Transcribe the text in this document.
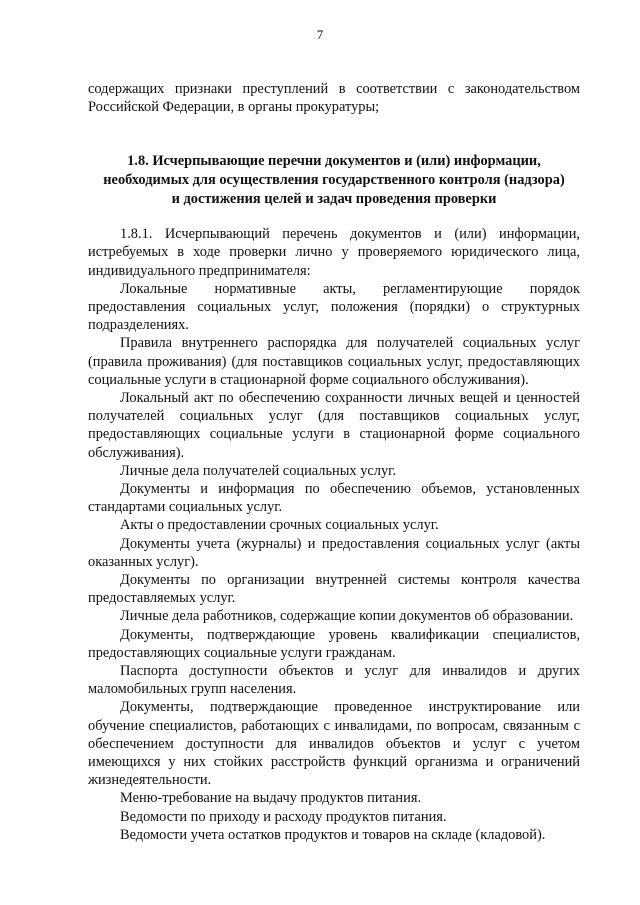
7

содержащих признаки преступлений в соответствии с законодательством Российской Федерации, в органы прокуратуры;

1.8. Исчерпывающие перечни документов и (или) информации,
необходимых для осуществления государственного контроля (надзора)
и достижения целей и задач проведения проверки

1.8.1. Исчерпывающий перечень документов и (или) информации, истребуемых в ходе проверки лично у проверяемого юридического лица, индивидуального предпринимателя:

Локальные нормативные акты, регламентирующие порядок предоставления социальных услуг, положения (порядки) о структурных подразделениях.

Правила внутреннего распорядка для получателей социальных услуг (правила проживания) (для поставщиков социальных услуг, предоставляющих социальные услуги в стационарной форме социального обслуживания).

Локальный акт по обеспечению сохранности личных вещей и ценностей получателей социальных услуг (для поставщиков социальных услуг, предоставляющих социальные услуги в стационарной форме социального обслуживания).

Личные дела получателей социальных услуг.

Документы и информация по обеспечению объемов, установленных стандартами социальных услуг.

Акты о предоставлении срочных социальных услуг.

Документы учета (журналы) и предоставления социальных услуг (акты оказанных услуг).

Документы по организации внутренней системы контроля качества предоставляемых услуг.

Личные дела работников, содержащие копии документов об образовании.

Документы, подтверждающие уровень квалификации специалистов, предоставляющих социальные услуги гражданам.

Паспорта доступности объектов и услуг для инвалидов и других маломобильных групп населения.

Документы, подтверждающие проведенное инструктирование или обучение специалистов, работающих с инвалидами, по вопросам, связанным с обеспечением доступности для инвалидов объектов и услуг с учетом имеющихся у них стойких расстройств функций организма и ограничений жизнедеятельности.

Меню-требование на выдачу продуктов питания.

Ведомости по приходу и расходу продуктов питания.

Ведомости учета остатков продуктов и товаров на складе (кладовой).
